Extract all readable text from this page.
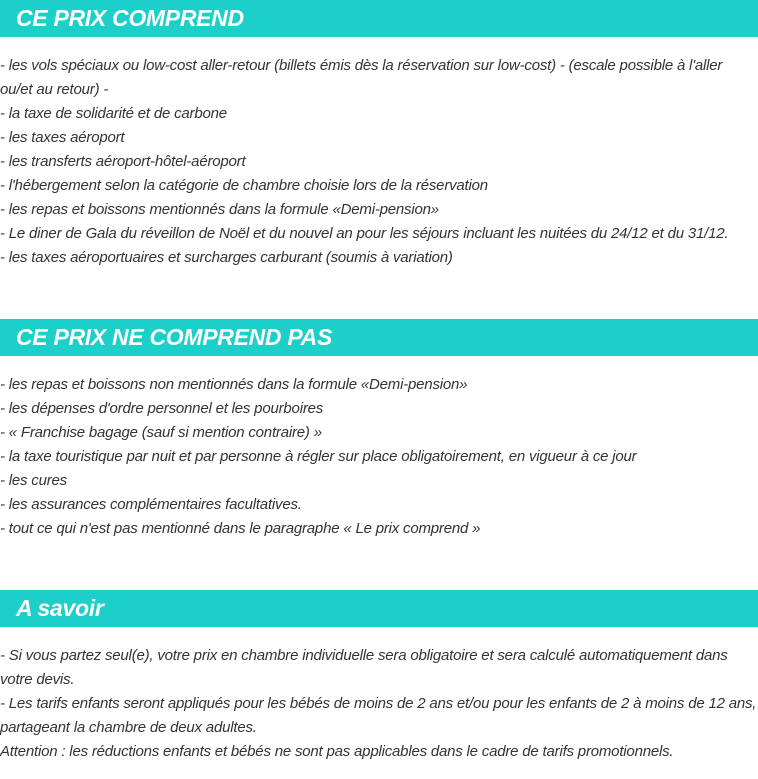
CE PRIX COMPREND
- les vols spéciaux ou low-cost aller-retour (billets émis dès la réservation sur low-cost) - (escale possible à l'aller ou/et au retour) -
- la taxe de solidarité et de carbone
- les taxes aéroport
- les transferts aéroport-hôtel-aéroport
- l'hébergement selon la catégorie de chambre choisie lors de la réservation
- les repas et boissons mentionnés dans la formule «Demi-pension»
- Le diner de Gala du réveillon de Noël et du nouvel an pour les séjours incluant les nuitées du 24/12 et du 31/12.
- les taxes aéroportuaires et surcharges carburant (soumis à variation)
CE PRIX NE COMPREND PAS
- les repas et boissons non mentionnés dans la formule «Demi-pension»
- les dépenses d'ordre personnel et les pourboires
- « Franchise bagage (sauf si mention contraire) »
- la taxe touristique par nuit et par personne à régler sur place obligatoirement, en vigueur à ce jour
- les cures
- les assurances complémentaires facultatives.
- tout ce qui n'est pas mentionné dans le paragraphe « Le prix comprend »
A savoir
- Si vous partez seul(e), votre prix en chambre individuelle sera obligatoire et sera calculé automatiquement dans votre devis.
- Les tarifs enfants seront appliqués pour les bébés de moins de 2 ans et/ou pour les enfants de 2 à moins de 12 ans, partageant la chambre de deux adultes.
Attention : les réductions enfants et bébés ne sont pas applicables dans le cadre de tarifs promotionnels.
